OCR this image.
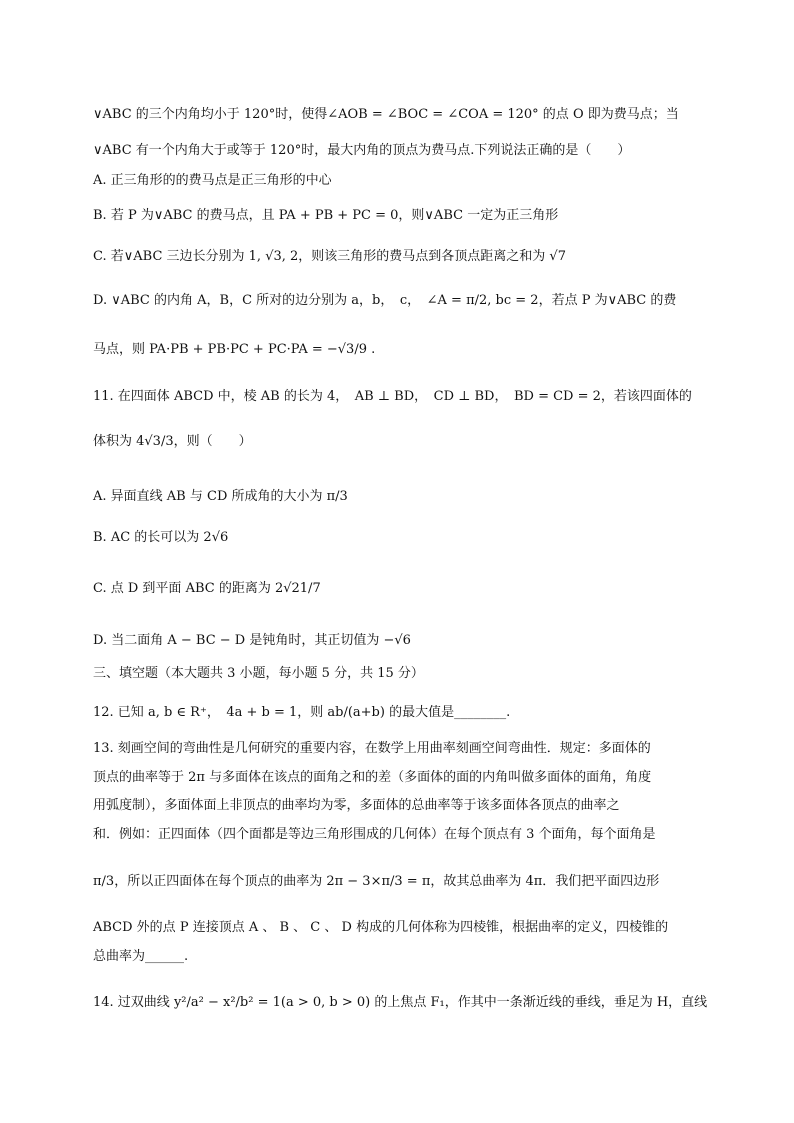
∨ABC 的三个内角均小于 120°时，使得∠AOB = ∠BOC = ∠COA = 120° 的点 O 即为费马点；当
∨ABC 有一个内角大于或等于 120°时，最大内角的顶点为费马点.下列说法正确的是（　　）
A. 正三角形的的费马点是正三角形的中心
B. 若 P 为∨ABC 的费马点，且 PA + PB + PC = 0，则∨ABC 一定为正三角形
C. 若∨ABC 三边长分别为 1, √3, 2，则该三角形的费马点到各顶点距离之和为 √7
D. ∨ABC 的内角 A，B，C 所对的边分别为 a，b，　c，　∠A = π/2, bc = 2，若点 P 为∨ABC 的费
马点，则 PA·PB + PB·PC + PC·PA = −√3/9 .
11. 在四面体 ABCD 中，棱 AB 的长为 4，　AB ⊥ BD，　CD ⊥ BD，　BD = CD = 2，若该四面体的
体积为 4√3/3，则（　　）
A. 异面直线 AB 与 CD 所成角的大小为 π/3
B. AC 的长可以为 2√6
C. 点 D 到平面 ABC 的距离为 2√21/7
D. 当二面角 A − BC − D 是钝角时，其正切值为 −√6
三、填空题（本大题共 3 小题，每小题 5 分，共 15 分）
12. 已知 a, b ∈ R⁺，　4a + b = 1，则 ab/(a+b) 的最大值是________.
13. 刻画空间的弯曲性是几何研究的重要内容，在数学上用曲率刻画空间弯曲性．规定：多面体的
顶点的曲率等于 2π 与多面体在该点的面角之和的差（多面体的面的内角叫做多面体的面角，角度
用弧度制），多面体面上非顶点的曲率均为零，多面体的总曲率等于该多面体各顶点的曲率之
和．例如：正四面体（四个面都是等边三角形围成的几何体）在每个顶点有 3 个面角，每个面角是
π/3，所以正四面体在每个顶点的曲率为 2π − 3×π/3 = π，故其总曲率为 4π．我们把平面四边形
ABCD 外的点 P 连接顶点 A 、 B 、 C 、 D 构成的几何体称为四棱锥，根据曲率的定义，四棱锥的
总曲率为______.
14. 过双曲线 y²/a² − x²/b² = 1(a > 0, b > 0) 的上焦点 F₁，作其中一条渐近线的垂线，垂足为 H，直线
